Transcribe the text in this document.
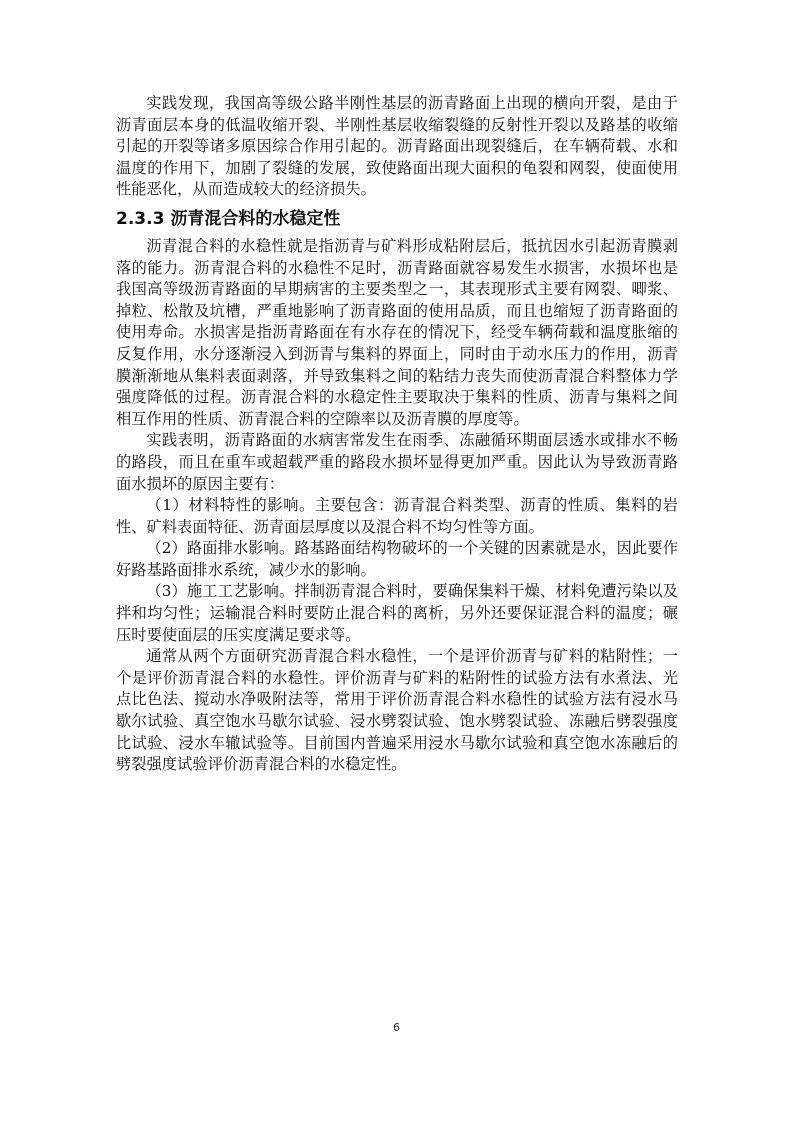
实践发现，我国高等级公路半刚性基层的沥青路面上出现的横向开裂，是由于沥青面层本身的低温收缩开裂、半刚性基层收缩裂缝的反射性开裂以及路基的收缩引起的开裂等诸多原因综合作用引起的。沥青路面出现裂缝后，在车辆荷载、水和温度的作用下，加剧了裂缝的发展，致使路面出现大面积的龟裂和网裂，使面使用性能恶化，从而造成较大的经济损失。

2.3.3 沥青混合料的水稳定性

沥青混合料的水稳性就是指沥青与矿料形成粘附层后，抵抗因水引起沥青膜剥落的能力。沥青混合料的水稳性不足时，沥青路面就容易发生水损害，水损坏也是我国高等级沥青路面的早期病害的主要类型之一，其表现形式主要有网裂、唧浆、掉粒、松散及坑槽，严重地影响了沥青路面的使用品质，而且也缩短了沥青路面的使用寿命。水损害是指沥青路面在有水存在的情况下，经受车辆荷载和温度胀缩的反复作用，水分逐渐浸入到沥青与集料的界面上，同时由于动水压力的作用，沥青膜渐渐地从集料表面剥落，并导致集料之间的粘结力丧失而使沥青混合料整体力学强度降低的过程。沥青混合料的水稳定性主要取决于集料的性质、沥青与集料之间相互作用的性质、沥青混合料的空隙率以及沥青膜的厚度等。

实践表明，沥青路面的水病害常发生在雨季、冻融循环期面层透水或排水不畅的路段，而且在重车或超载严重的路段水损坏显得更加严重。因此认为导致沥青路面水损坏的原因主要有：

（1）材料特性的影响。主要包含：沥青混合料类型、沥青的性质、集料的岩性、矿料表面特征、沥青面层厚度以及混合料不均匀性等方面。

（2）路面排水影响。路基路面结构物破坏的一个关键的因素就是水，因此要作好路基路面排水系统，减少水的影响。

（3）施工工艺影响。拌制沥青混合料时，要确保集料干燥、材料免遭污染以及拌和均匀性；运输混合料时要防止混合料的离析，另外还要保证混合料的温度；碾压时要使面层的压实度满足要求等。

通常从两个方面研究沥青混合料水稳性，一个是评价沥青与矿料的粘附性；一个是评价沥青混合料的水稳性。评价沥青与矿料的粘附性的试验方法有水煮法、光点比色法、搅动水净吸附法等，常用于评价沥青混合料水稳性的试验方法有浸水马歇尔试验、真空饱水马歇尔试验、浸水劈裂试验、饱水劈裂试验、冻融后劈裂强度比试验、浸水车辙试验等。目前国内普遍采用浸水马歇尔试验和真空饱水冻融后的劈裂强度试验评价沥青混合料的水稳定性。

6
